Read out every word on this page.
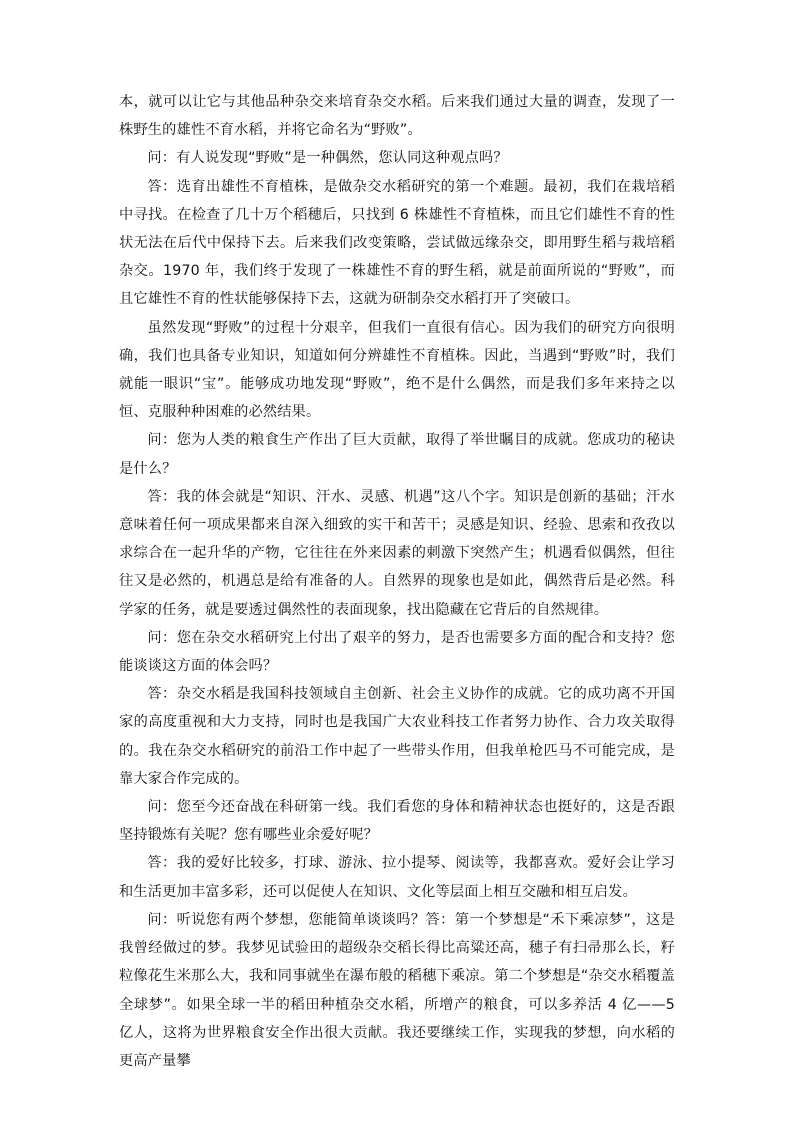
本，就可以让它与其他品种杂交来培育杂交水稻。后来我们通过大量的调查，发现了一株野生的雄性不育水稻，并将它命名为“野败”。

问：有人说发现“野败”是一种偶然，您认同这种观点吗？

答：选育出雄性不育植株，是做杂交水稻研究的第一个难题。最初，我们在栽培稻中寻找。在检查了几十万个稻穗后，只找到 6 株雄性不育植株，而且它们雄性不育的性状无法在后代中保持下去。后来我们改变策略，尝试做远缘杂交，即用野生稻与栽培稻杂交。1970 年，我们终于发现了一株雄性不育的野生稻，就是前面所说的“野败”，而且它雄性不育的性状能够保持下去，这就为研制杂交水稻打开了突破口。

虽然发现“野败”的过程十分艰辛，但我们一直很有信心。因为我们的研究方向很明确，我们也具备专业知识，知道如何分辨雄性不育植株。因此，当遇到“野败”时，我们就能一眼识“宝”。能够成功地发现“野败”，绝不是什么偶然，而是我们多年来持之以恒、克服种种困难的必然结果。

问：您为人类的粮食生产作出了巨大贡献，取得了举世瞩目的成就。您成功的秘诀是什么？

答：我的体会就是“知识、汗水、灵感、机遇”这八个字。知识是创新的基础；汗水意味着任何一项成果都来自深入细致的实干和苦干；灵感是知识、经验、思索和孜孜以求综合在一起升华的产物，它往往在外来因素的刺激下突然产生；机遇看似偶然，但往往又是必然的，机遇总是给有准备的人。自然界的现象也是如此，偶然背后是必然。科学家的任务，就是要透过偶然性的表面现象，找出隐藏在它背后的自然规律。

问：您在杂交水稻研究上付出了艰辛的努力，是否也需要多方面的配合和支持？您能谈谈这方面的体会吗？

答：杂交水稻是我国科技领域自主创新、社会主义协作的成就。它的成功离不开国家的高度重视和大力支持，同时也是我国广大农业科技工作者努力协作、合力攻关取得的。我在杂交水稻研究的前沿工作中起了一些带头作用，但我单枪匹马不可能完成，是靠大家合作完成的。

问：您至今还奋战在科研第一线。我们看您的身体和精神状态也挺好的，这是否跟坚持锻炼有关呢？您有哪些业余爱好呢？

答：我的爱好比较多，打球、游泳、拉小提琴、阅读等，我都喜欢。爱好会让学习和生活更加丰富多彩，还可以促使人在知识、文化等层面上相互交融和相互启发。

问：听说您有两个梦想，您能简单谈谈吗？答：第一个梦想是“禾下乘凉梦”，这是我曾经做过的梦。我梦见试验田的超级杂交稻长得比高粱还高，穗子有扫帚那么长，籽粒像花生米那么大，我和同事就坐在瀑布般的稻穗下乘凉。第二个梦想是“杂交水稻覆盖全球梦”。如果全球一半的稻田种植杂交水稻，所增产的粮食，可以多养活 4 亿——5 亿人，这将为世界粮食安全作出很大贡献。我还要继续工作，实现我的梦想，向水稻的更高产量攀
